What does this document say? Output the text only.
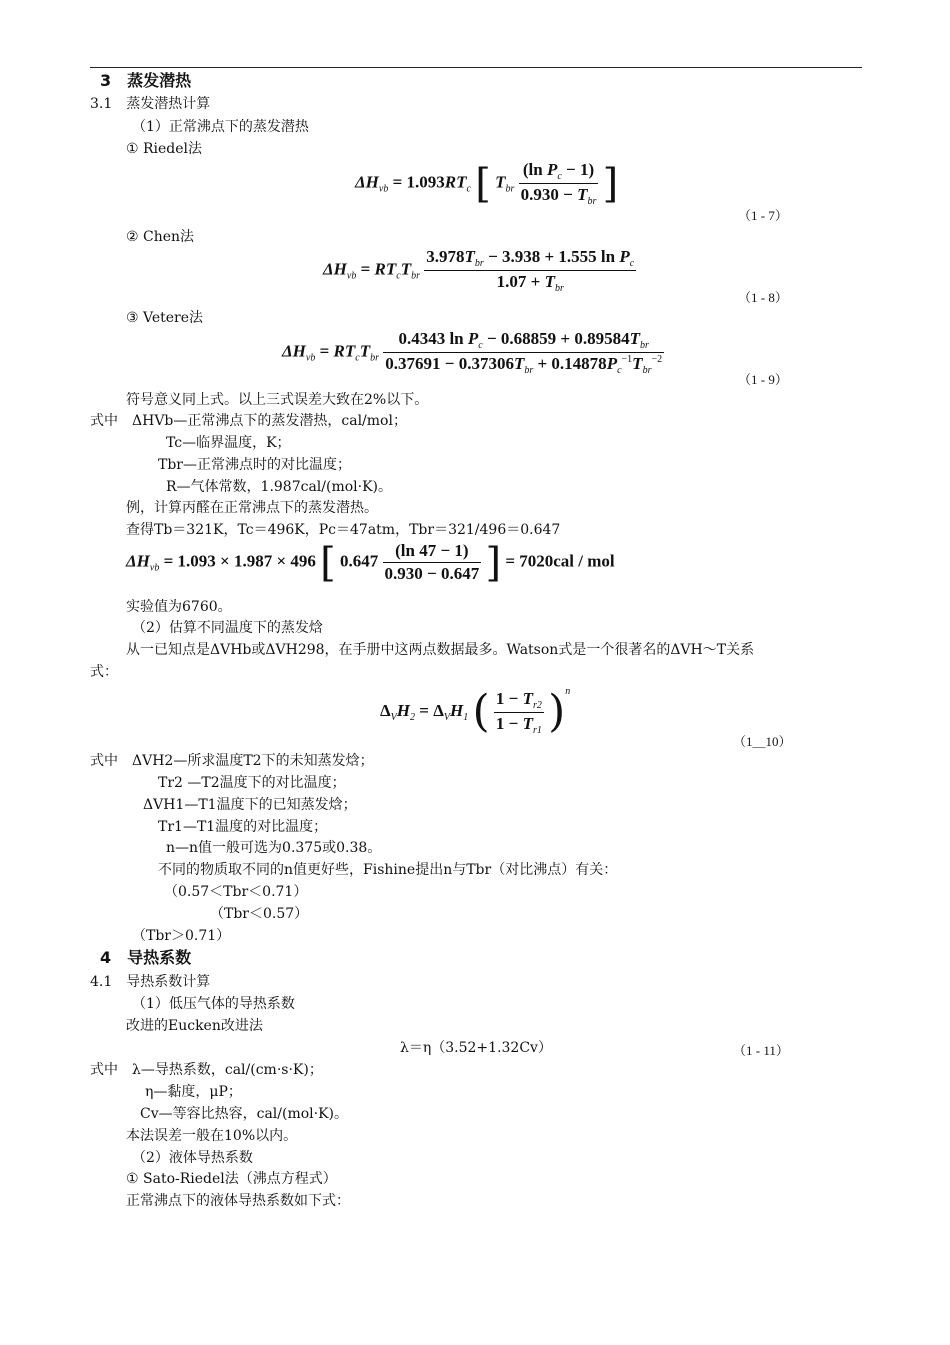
3　蒸发潜热
3.1　蒸发潜热计算
（1）正常沸点下的蒸发潜热
① Riedel法
$\Delta H_{vb} = 1.093RT_c$ [ $T_{br} \frac{(\ln P_c - 1)}{0.930 - T_{br}}$ ]
（1 - 7）
② Chen法
$\Delta H_{vb} = RT_cT_{br} \frac{3.978T_{br} - 3.938 + 1.555 \ln P_c}{1.07 + T_{br}}$
（1 - 8）
③ Vetere法
$\Delta H_{vb} = RT_cT_{br} \frac{0.4343 \ln P_c - 0.68859 + 0.89584T_{br}}{0.37691 - 0.37306T_{br} + 0.14878P_c^{-1}T_{br}^{-2}}$
（1 - 9）
符号意义同上式。以上三式误差大致在2%以下。
式中　ΔHVb—正常沸点下的蒸发潜热，cal/mol；
Tc—临界温度，K；
Tbr—正常沸点时的对比温度；
R—气体常数，1.987cal/(mol·K)。
例，计算丙醛在正常沸点下的蒸发潜热。
查得Tb＝321K，Tc＝496K，Pc＝47atm，Tbr＝321/496＝0.647
$\Delta H_{vb} = 1.093 \times 1.987 \times 496$ [ $0.647 \frac{(\ln 47 - 1)}{0.930 - 0.647}$ ] = 7020cal / mol
实验值为6760。
（2）估算不同温度下的蒸发焓
从一已知点是ΔVHb或ΔVH298，在手册中这两点数据最多。Watson式是一个很著名的ΔVH～T关系
式：
$\Delta_VH_2 = \Delta_VH_1$ ( $\frac{1 - T_{r2}}{1 - T_{r1}} )^n$
（1＿10）
式中　ΔVH2—所求温度T2下的未知蒸发焓；
Tr2 —T2温度下的对比温度；
ΔVH1—T1温度下的已知蒸发焓；
Tr1—T1温度的对比温度；
n—n值一般可选为0.375或0.38。
不同的物质取不同的n值更好些，Fishine提出n与Tbr（对比沸点）有关：
（0.57＜Tbr＜0.71）
（Tbr＜0.57）
（Tbr＞0.71）
4　导热系数
4.1　导热系数计算
（1）低压气体的导热系数
改进的Eucken改进法
λ＝η（3.52+1.32Cv）	（1 - 11）
式中　λ—导热系数，cal/(cm·s·K)；
η—黏度，μP；
Cv—等容比热容，cal/(mol·K)。
本法误差一般在10%以内。
（2）液体导热系数
① Sato-Riedel法（沸点方程式）
正常沸点下的液体导热系数如下式：
